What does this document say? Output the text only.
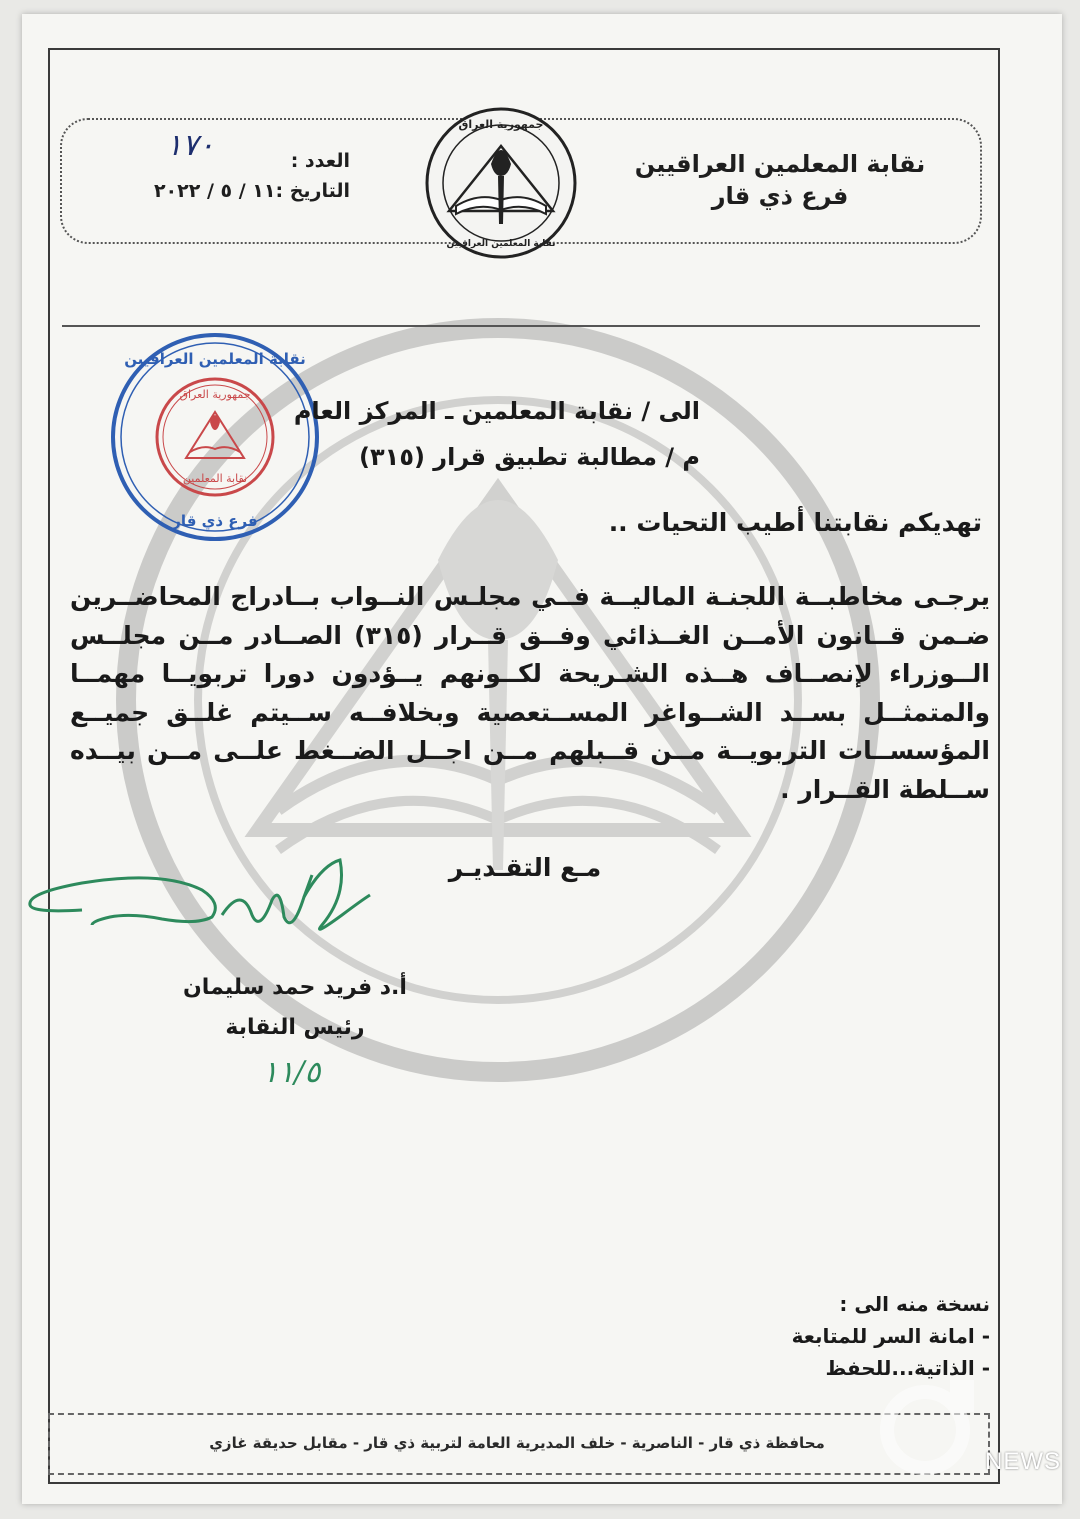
نقابة المعلمين العراقيين
فرع ذي قار
العدد :
التاريخ :١١ / ٥ / ٢٠٢٢
١٧٠
جمهورية العراق
نقابة المعلمين العراقيين
نقابة المعلمين العراقيين
فرع ذي قار
جمهورية العراق
نقابة المعلمين
الى / نقابة المعلمين ـ المركز العام
م / مطالبة تطبيق قرار (٣١٥)
تهديكم نقابتنا أطيب التحيات ..
يرجـى مخاطبــة اللجنـة الماليــة فــي مجلـس النــواب بــادراج المحاضــرين ضـمن قــانون الأمــن الغــذائي وفــق قــرار (٣١٥) الصــادر مــن مجلــس الــوزراء لإنصــاف هــذه الشـريحة لكــونهم يــؤدون دورا تربويــا مهمــا والمتمثــل بســد الشــواغر المســتعصية وبخلافــه ســيتم غلــق جميــع المؤسســات التربويــة مــن قــبلهم مــن اجــل الضــغط علــى مــن بيــده ســلطة القــرار .
مـع التقـديـر
أ.د فريد حمد سليمان
رئيس النقابة
١١/٥
نسخة منه الى :
- امانة السر للمتابعة
- الذاتية...للحفظ
محافظة ذي قار - الناصرية - خلف المديرية العامة لتربية ذي قار - مقابل حديقة غازي
NEWS
